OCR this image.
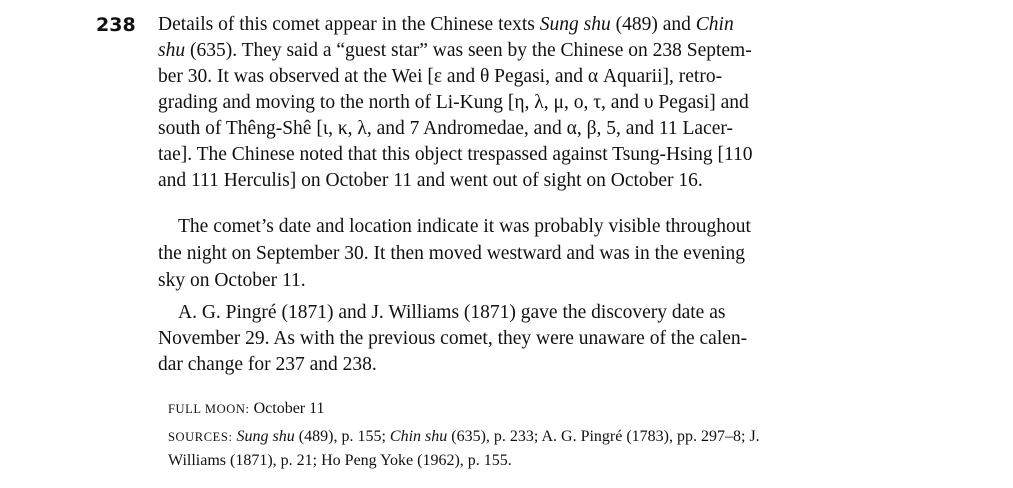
238 Details of this comet appear in the Chinese texts Sung shu (489) and Chin
shu (635). They said a “guest star” was seen by the Chinese on 238 Septem-
ber 30. It was observed at the Wei [ε and θ Pegasi, and α Aquarii], retro-
grading and moving to the north of Li-Kung [η, λ, μ, ο, τ, and υ Pegasi] and
south of Thêng-Shê [ι, κ, λ, and 7 Andromedae, and α, β, 5, and 11 Lacer-
tae]. The Chinese noted that this object trespassed against Tsung-Hsing [110
and 111 Herculis] on October 11 and went out of sight on October 16.
The comet’s date and location indicate it was probably visible throughout
the night on September 30. It then moved westward and was in the evening
sky on October 11.
A. G. Pingré (1871) and J. Williams (1871) gave the discovery date as
November 29. As with the previous comet, they were unaware of the calen-
dar change for 237 and 238.
FULL MOON: October 11
SOURCES: Sung shu (489), p. 155; Chin shu (635), p. 233; A. G. Pingré (1783), pp. 297–8; J.
Williams (1871), p. 21; Ho Peng Yoke (1962), p. 155.
